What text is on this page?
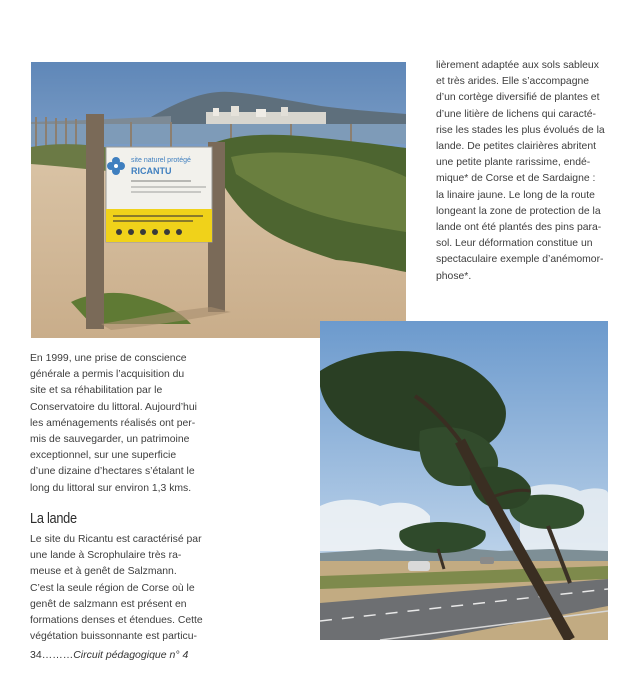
site naturel protégé
RICANTU

lièrement adaptée aux sols sableux

et très arides. Elle s’accompagne

d’un cortège diversifié de plantes et

d’une litière de lichens qui caracté-

rise les stades les plus évolués de la

lande. De petites clairières abritent

une petite plante rarissime, endé-

mique* de Corse et de Sardaigne :

la linaire jaune. Le long de la route

longeant la zone de protection de la

lande ont été plantés des pins para-

sol. Leur déformation constitue un

spectaculaire exemple d’anémomor-

phose*.

En 1999, une prise de conscience

générale a permis l’acquisition du

site et sa réhabilitation par le

Conservatoire du littoral. Aujourd’hui

les aménagements réalisés ont per-

mis de sauvegarder, un patrimoine

exceptionnel, sur une superficie

d’une dizaine d’hectares s’étalant le

long du littoral sur environ 1,3 kms.

La lande

Le site du Ricantu est caractérisé par

une lande à Scrophulaire très ra-

meuse et à genêt de Salzmann.

C’est la seule région de Corse où le

genêt de salzmann est présent en

formations denses et étendues. Cette

végétation buissonnante est particu-

34………Circuit pédagogique n° 4
